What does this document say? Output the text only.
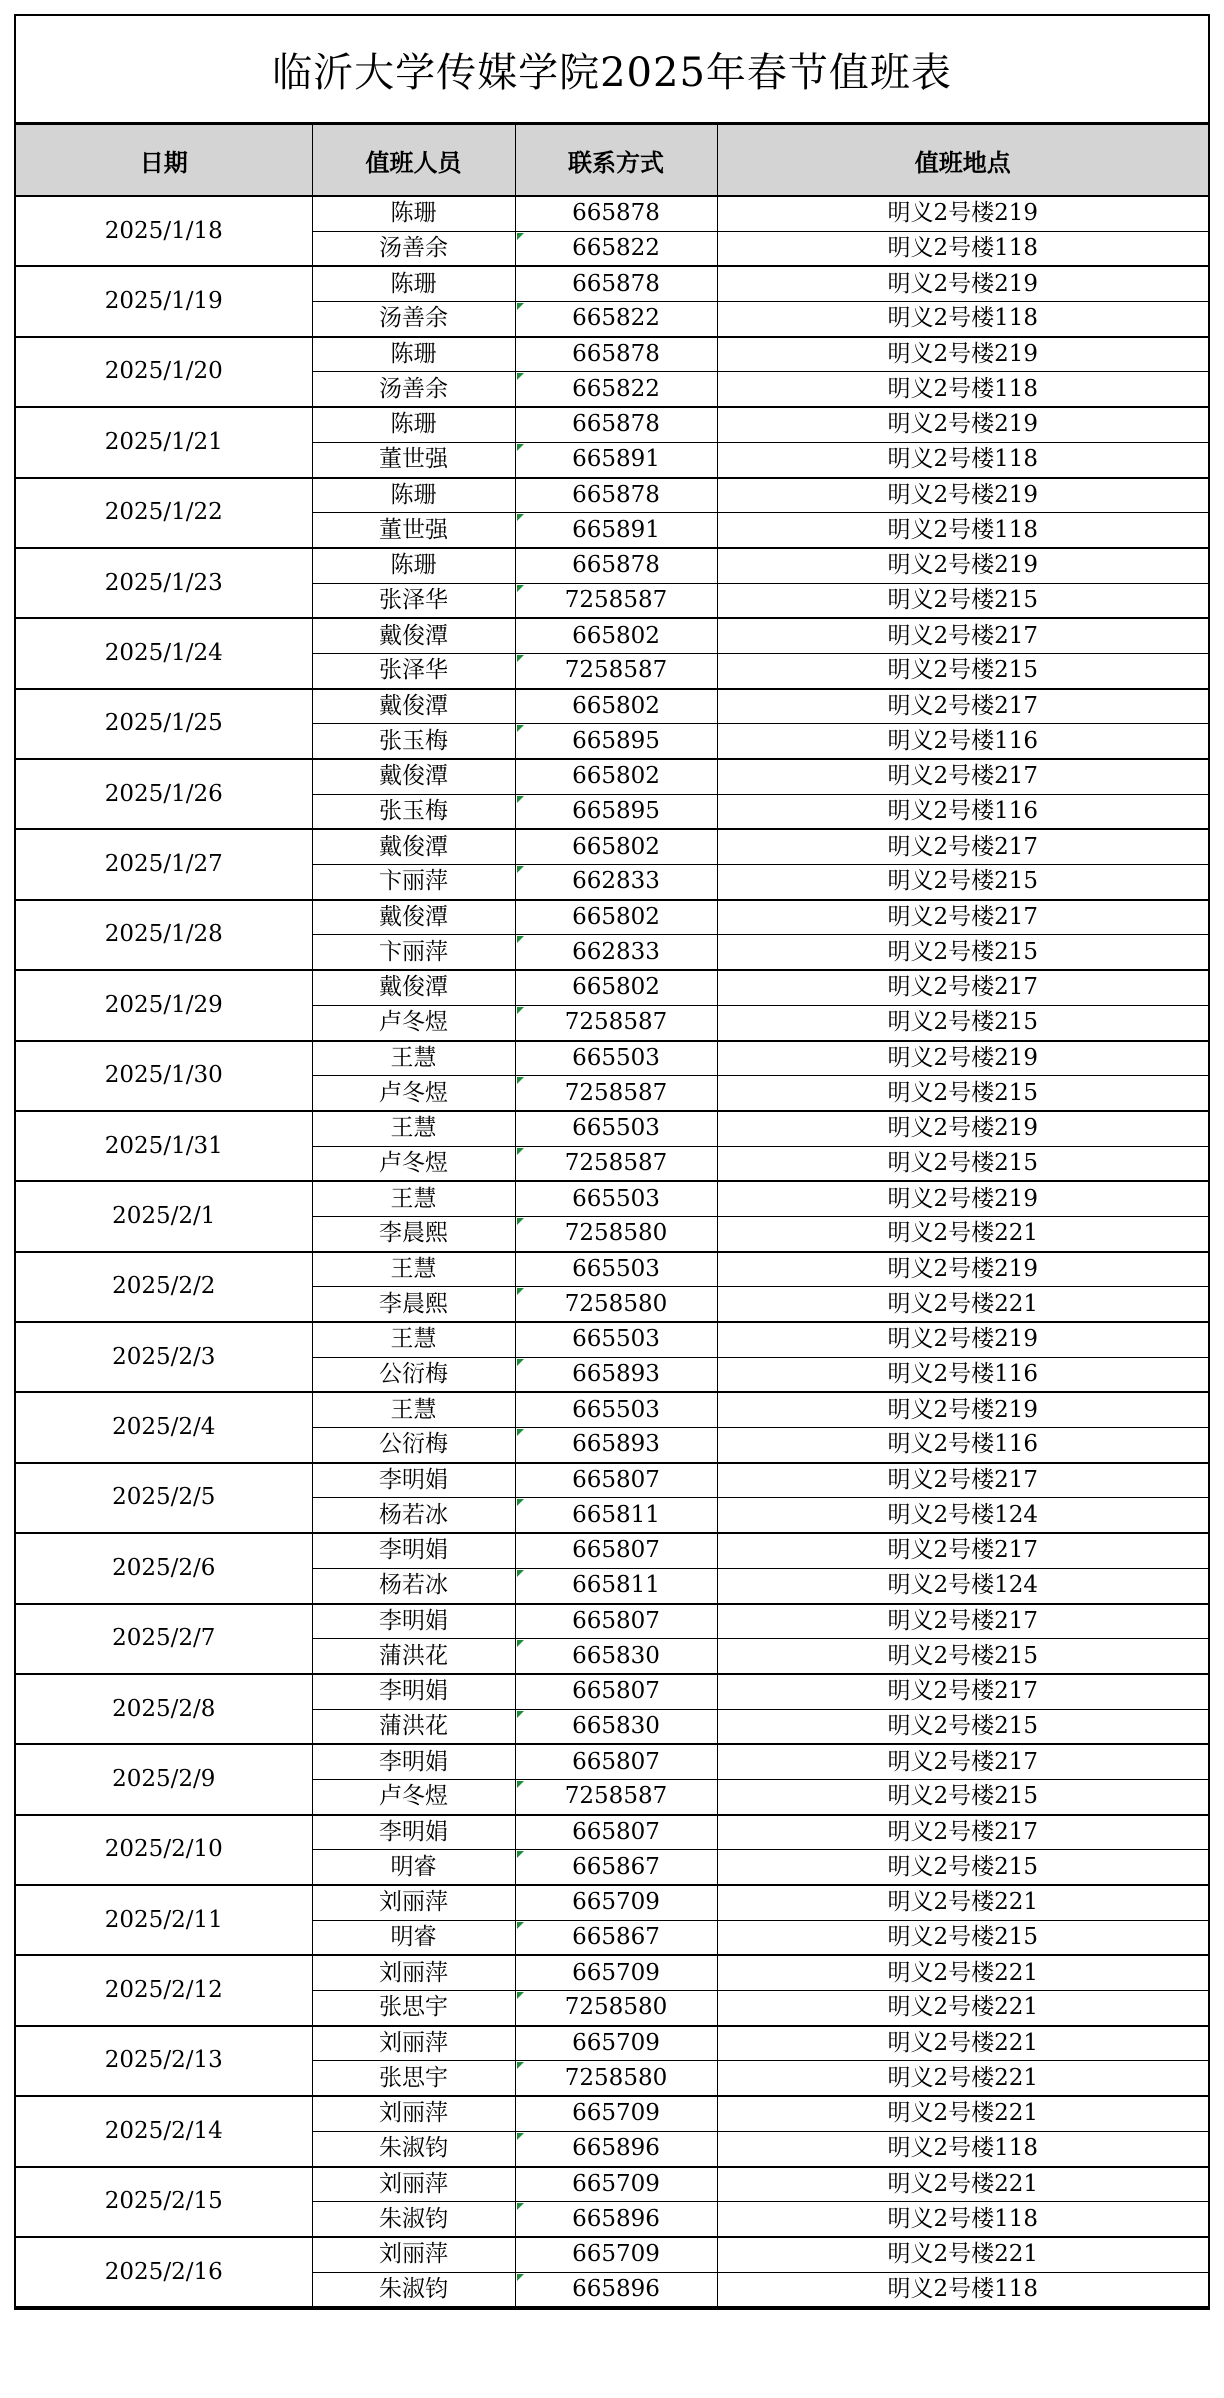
临沂大学传媒学院2025年春节值班表
日期	值班人员	联系方式	值班地点
2025/1/18	陈珊	665878	明义2号楼219
	汤善余	665822	明义2号楼118
2025/1/19	陈珊	665878	明义2号楼219
	汤善余	665822	明义2号楼118
2025/1/20	陈珊	665878	明义2号楼219
	汤善余	665822	明义2号楼118
2025/1/21	陈珊	665878	明义2号楼219
	董世强	665891	明义2号楼118
2025/1/22	陈珊	665878	明义2号楼219
	董世强	665891	明义2号楼118
2025/1/23	陈珊	665878	明义2号楼219
	张泽华	7258587	明义2号楼215
2025/1/24	戴俊潭	665802	明义2号楼217
	张泽华	7258587	明义2号楼215
2025/1/25	戴俊潭	665802	明义2号楼217
	张玉梅	665895	明义2号楼116
2025/1/26	戴俊潭	665802	明义2号楼217
	张玉梅	665895	明义2号楼116
2025/1/27	戴俊潭	665802	明义2号楼217
	卞丽萍	662833	明义2号楼215
2025/1/28	戴俊潭	665802	明义2号楼217
	卞丽萍	662833	明义2号楼215
2025/1/29	戴俊潭	665802	明义2号楼217
	卢冬煜	7258587	明义2号楼215
2025/1/30	王慧	665503	明义2号楼219
	卢冬煜	7258587	明义2号楼215
2025/1/31	王慧	665503	明义2号楼219
	卢冬煜	7258587	明义2号楼215
2025/2/1	王慧	665503	明义2号楼219
	李晨熙	7258580	明义2号楼221
2025/2/2	王慧	665503	明义2号楼219
	李晨熙	7258580	明义2号楼221
2025/2/3	王慧	665503	明义2号楼219
	公衍梅	665893	明义2号楼116
2025/2/4	王慧	665503	明义2号楼219
	公衍梅	665893	明义2号楼116
2025/2/5	李明娟	665807	明义2号楼217
	杨若冰	665811	明义2号楼124
2025/2/6	李明娟	665807	明义2号楼217
	杨若冰	665811	明义2号楼124
2025/2/7	李明娟	665807	明义2号楼217
	蒲洪花	665830	明义2号楼215
2025/2/8	李明娟	665807	明义2号楼217
	蒲洪花	665830	明义2号楼215
2025/2/9	李明娟	665807	明义2号楼217
	卢冬煜	7258587	明义2号楼215
2025/2/10	李明娟	665807	明义2号楼217
	明睿	665867	明义2号楼215
2025/2/11	刘丽萍	665709	明义2号楼221
	明睿	665867	明义2号楼215
2025/2/12	刘丽萍	665709	明义2号楼221
	张思宇	7258580	明义2号楼221
2025/2/13	刘丽萍	665709	明义2号楼221
	张思宇	7258580	明义2号楼221
2025/2/14	刘丽萍	665709	明义2号楼221
	朱淑钧	665896	明义2号楼118
2025/2/15	刘丽萍	665709	明义2号楼221
	朱淑钧	665896	明义2号楼118
2025/2/16	刘丽萍	665709	明义2号楼221
	朱淑钧	665896	明义2号楼118
